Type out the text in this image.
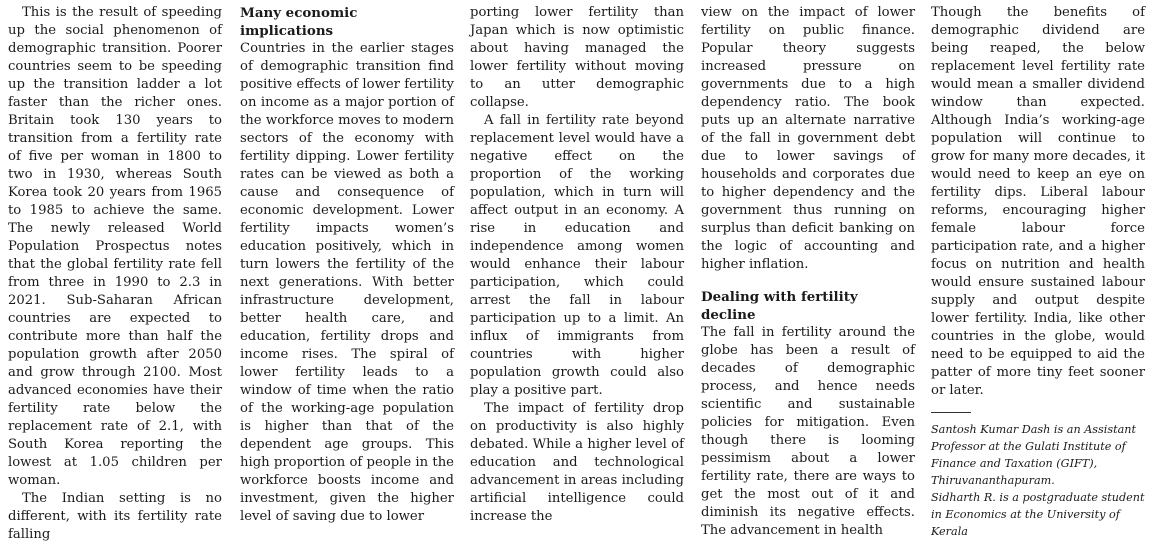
This is the result of speeding up the social phenomenon of demographic transition. Poorer countries seem to be speeding up the transition ladder a lot faster than the richer ones. Britain took 130 years to transition from a fertility rate of five per woman in 1800 to two in 1930, whereas South Korea took 20 years from 1965 to 1985 to achieve the same. The newly released World Population Prospectus notes that the global fertility rate fell from three in 1990 to 2.3 in 2021. Sub-Saharan African countries are expected to contribute more than half the population growth after 2050 and grow through 2100. Most advanced economies have their fertility rate below the replacement rate of 2.1, with South Korea reporting the lowest at 1.05 children per woman.

The Indian setting is no different, with its fertility rate falling

Many economic implications

Countries in the earlier stages of demographic transition find positive effects of lower fertility on income as a major portion of the workforce moves to modern sectors of the economy with fertility dipping. Lower fertility rates can be viewed as both a cause and consequence of economic development. Lower fertility impacts women’s education positively, which in turn lowers the fertility of the next generations. With better infrastructure development, better health care, and education, fertility drops and income rises. The spiral of lower fertility leads to a window of time when the ratio of the working-age population is higher than that of the dependent age groups. This high proportion of people in the workforce boosts income and investment, given the higher level of saving due to lower

porting lower fertility than Japan which is now optimistic about having managed the lower fertility without moving to an utter demographic collapse.

A fall in fertility rate beyond replacement level would have a negative effect on the proportion of the working population, which in turn will affect output in an economy. A rise in education and independence among women would enhance their labour participation, which could arrest the fall in labour participation up to a limit. An influx of immigrants from countries with higher population growth could also play a positive part.

The impact of fertility drop on productivity is also highly debated. While a higher level of education and technological advancement in areas including artificial intelligence could increase the

view on the impact of lower fertility on public finance. Popular theory suggests increased pressure on governments due to a high dependency ratio. The book puts up an alternate narrative of the fall in government debt due to lower savings of households and corporates due to higher dependency and the government thus running on surplus than deficit banking on the logic of accounting and higher inflation.

Dealing with fertility decline

The fall in fertility around the globe has been a result of decades of demographic process, and hence needs scientific and sustainable policies for mitigation. Even though there is looming pessimism about a lower fertility rate, there are ways to get the most out of it and diminish its negative effects. The advancement in health

Though the benefits of demographic dividend are being reaped, the below replacement level fertility rate would mean a smaller dividend window than expected. Although India’s working-age population will continue to grow for many more decades, it would need to keep an eye on fertility dips. Liberal labour reforms, encouraging higher female labour force participation rate, and a higher focus on nutrition and health would ensure sustained labour supply and output despite lower fertility. India, like other countries in the globe, would need to be equipped to aid the patter of more tiny feet sooner or later.

Santosh Kumar Dash is an Assistant Professor at the Gulati Institute of Finance and Taxation (GIFT), Thiruvananthapuram.

Sidharth R. is a postgraduate student in Economics at the University of Kerala
